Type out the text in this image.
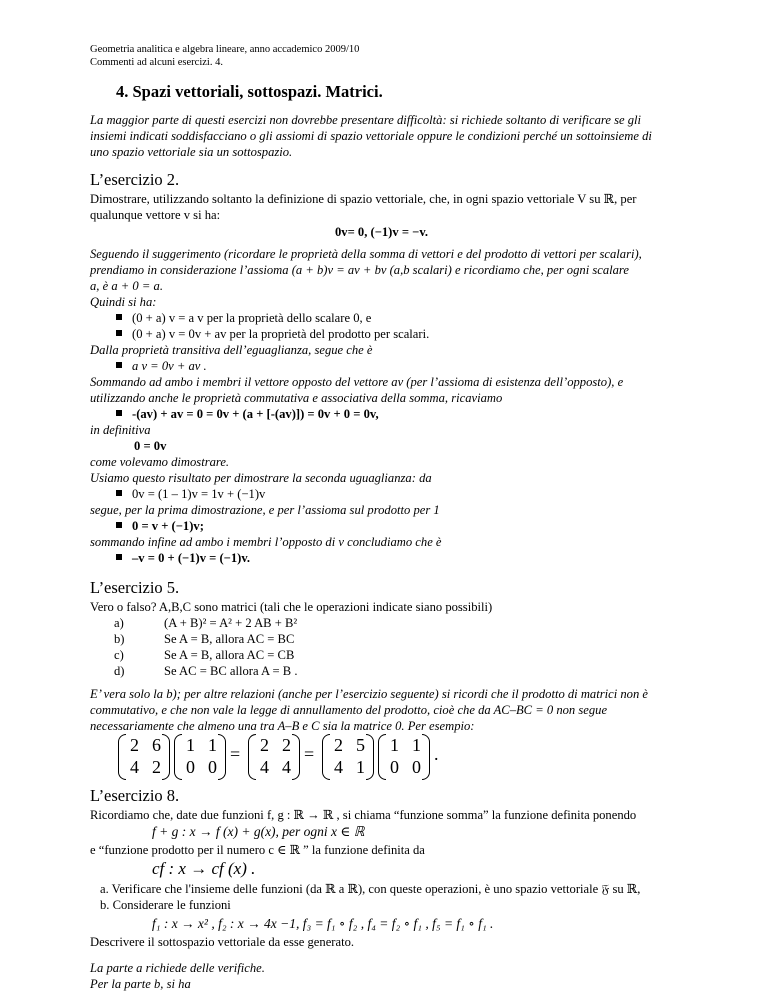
Geometria analitica e algebra lineare, anno accademico 2009/10
Commenti ad alcuni esercizi. 4.
4. Spazi vettoriali, sottospazi. Matrici.
La maggior parte di questi esercizi non dovrebbe presentare difficoltà: si richiede soltanto di verificare se gli
insiemi indicati soddisfacciano o gli assiomi di spazio vettoriale oppure le condizioni perché un sottoinsieme di
uno spazio vettoriale sia un sottospazio.
L’esercizio 2.
Dimostrare, utilizzando soltanto la definizione di spazio vettoriale, che, in ogni spazio vettoriale V su ℝ, per
qualunque vettore v si ha:
0v= 0, (−1)v = −v.
Seguendo il suggerimento (ricordare le proprietà della somma di vettori e del prodotto di vettori per scalari),
prendiamo in considerazione l’assioma (a + b)v = av + bv (a,b scalari) e ricordiamo che, per ogni scalare
a, è a + 0 = a.
Quindi si ha:
(0 + a) v = a v per la proprietà dello scalare 0, e
(0 + a) v = 0v + av per la proprietà del prodotto per scalari.
Dalla proprietà transitiva dell’eguaglianza, segue che è
a v = 0v + av .
Sommando ad ambo i membri il vettore opposto del vettore av (per l’assioma di esistenza dell’opposto), e
utilizzando anche le proprietà commutativa e associativa della somma, ricaviamo
-(av) + av = 0 = 0v + (a + [-(av)]) = 0v + 0 = 0v,
in definitiva
0 = 0v
come volevamo dimostrare.
Usiamo questo risultato per dimostrare la seconda uguaglianza: da
0v = (1 – 1)v = 1v + (−1)v
segue, per la prima dimostrazione, e per l’assioma sul prodotto per 1
0 = v + (−1)v;
sommando infine ad ambo i membri l’opposto di v concludiamo che è
–v = 0 + (−1)v = (−1)v.
L’esercizio 5.
Vero o falso? A,B,C sono matrici (tali che le operazioni indicate siano possibili)
a)	(A + B)² = A² + 2 AB + B²
b)	Se A = B, allora AC = BC
c)	Se A = B, allora AC = CB
d)	Se AC = BC allora A = B .
E’ vera solo la b); per altre relazioni (anche per l’esercizio seguente) si ricordi che il prodotto di matrici non è
commutativo, e che non vale la legge di annullamento del prodotto, cioè che da AC–BC = 0 non segue
necessariamente che almeno una tra A–B e C sia la matrice 0. Per esempio:
2 6
4 2
1 1
0 0
= 2 2
4 4
= 2 5
4 1
1 1
0 0
.
L’esercizio 8.
Ricordiamo che, date due funzioni f, g : ℝ → ℝ , si chiama “funzione somma” la funzione definita ponendo
f + g : x → f (x) + g(x), per ogni x ∈ ℝ
e “funzione prodotto per il numero c ∈ ℝ ” la funzione definita da
cf : x → cf (x) .
a. Verificare che l'insieme delle funzioni (da ℝ a ℝ), con queste operazioni, è uno spazio vettoriale 𝔉 su ℝ,
b. Considerare le funzioni
f₁ : x → x² , f₂ : x → 4x −1, f₃ = f₁ ∘ f₂ , f₄ = f₂ ∘ f₁ , f₅ = f₁ ∘ f₁ .
Descrivere il sottospazio vettoriale da esse generato.
La parte a richiede delle verifiche.
Per la parte b, si ha
